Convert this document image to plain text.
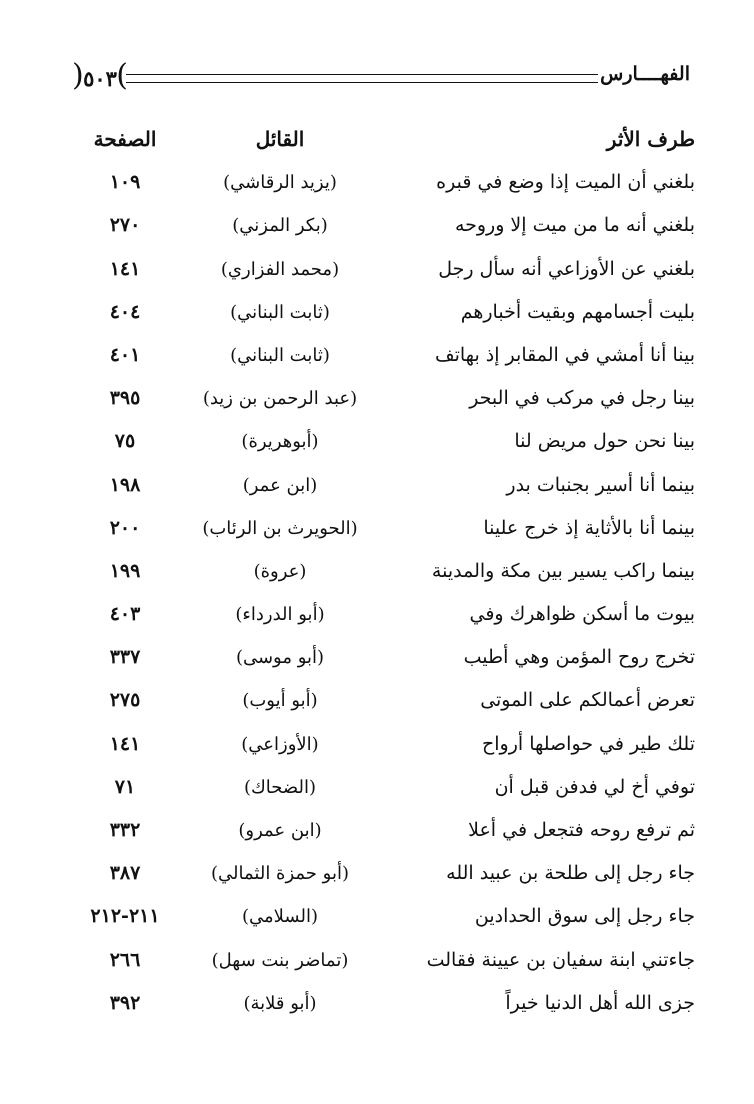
( ٥٠٣ )	الفهــــارس
طرف الأثر
القائل
الصفحة
بلغني أن الميت إذا وضع في قبره
(يزيد الرقاشي)
١٠٩
بلغني أنه ما من ميت إلا وروحه
(بكر المزني)
٢٧٠
بلغني عن الأوزاعي أنه سأل رجل
(محمد الفزاري)
١٤١
بليت أجسامهم وبقيت أخبارهم
(ثابت البناني)
٤٠٤
بينا أنا أمشي في المقابر إذ بهاتف
(ثابت البناني)
٤٠١
بينا رجل في مركب في البحر
(عبد الرحمن بن زيد)
٣٩٥
بينا نحن حول مريض لنا
(أبوهريرة)
٧٥
بينما أنا أسير بجنبات بدر
(ابن عمر)
١٩٨
بينما أنا بالأثاية إذ خرج علينا
(الحويرث بن الرئاب)
٢٠٠
بينما راكب يسير بين مكة والمدينة
(عروة)
١٩٩
بيوت ما أسكن ظواهرك وفي
(أبو الدرداء)
٤٠٣
تخرج روح المؤمن وهي أطيب
(أبو موسى)
٣٣٧
تعرض أعمالكم على الموتى
(أبو أيوب)
٢٧٥
تلك طير في حواصلها أرواح
(الأوزاعي)
١٤١
توفي أخ لي فدفن قبل أن
(الضحاك)
٧١
ثم ترفع روحه فتجعل في أعلا
(ابن عمرو)
٣٣٢
جاء رجل إلى طلحة بن عبيد الله
(أبو حمزة الثمالي)
٣٨٧
جاء رجل إلى سوق الحدادين
(السلامي)
٢١١-٢١٢
جاءتني ابنة سفيان بن عيينة فقالت
(تماضر بنت سهل)
٢٦٦
جزى الله أهل الدنيا خيراً
(أبو قلابة)
٣٩٢
